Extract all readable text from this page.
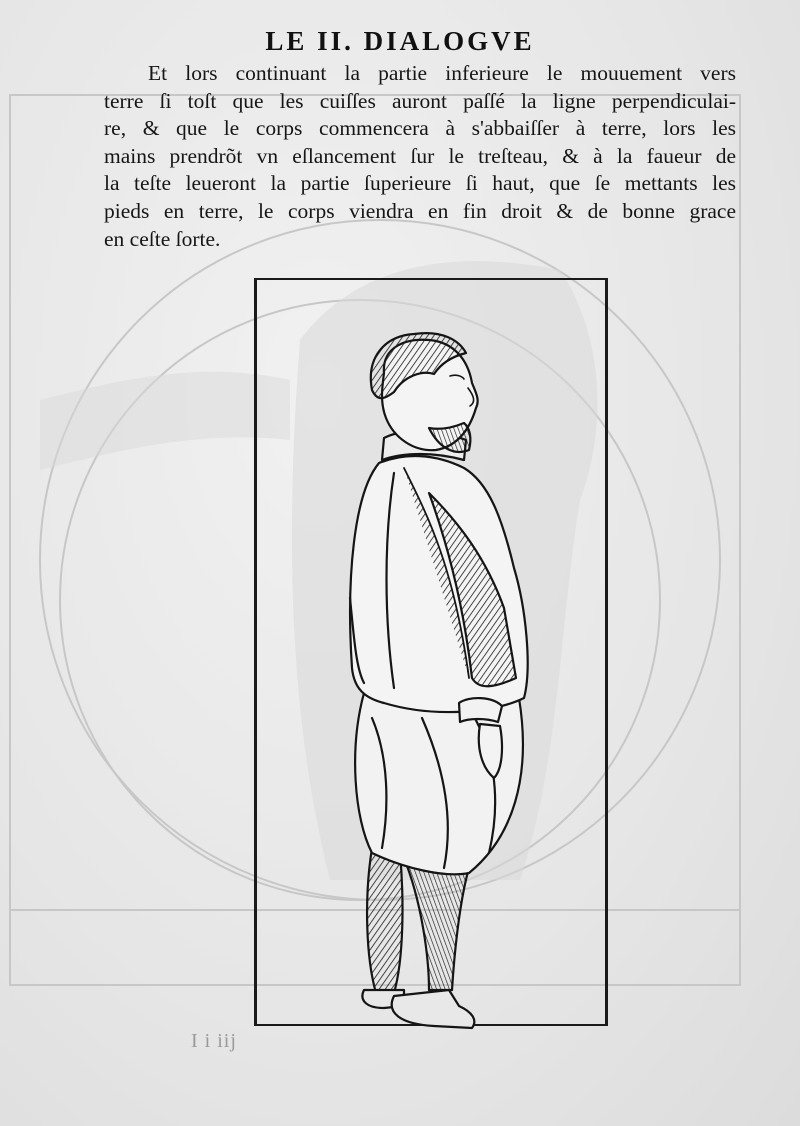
LE II. DIALOGVE
Et lors continuant la partie inferieure le mouuement vers
terre ſi toſt que les cuiſſes auront paſſé la ligne perpendiculai-
re, & que le corps commencera à s'abbaiſſer à terre, lors les
mains prendrõt vn eſlancement ſur le treſteau, & à la faueur de
la teſte leueront la partie ſuperieure ſi haut, que ſe mettants les
pieds en terre, le corps viendra en fin droit & de bonne grace
en ceſte ſorte.
I i iij
